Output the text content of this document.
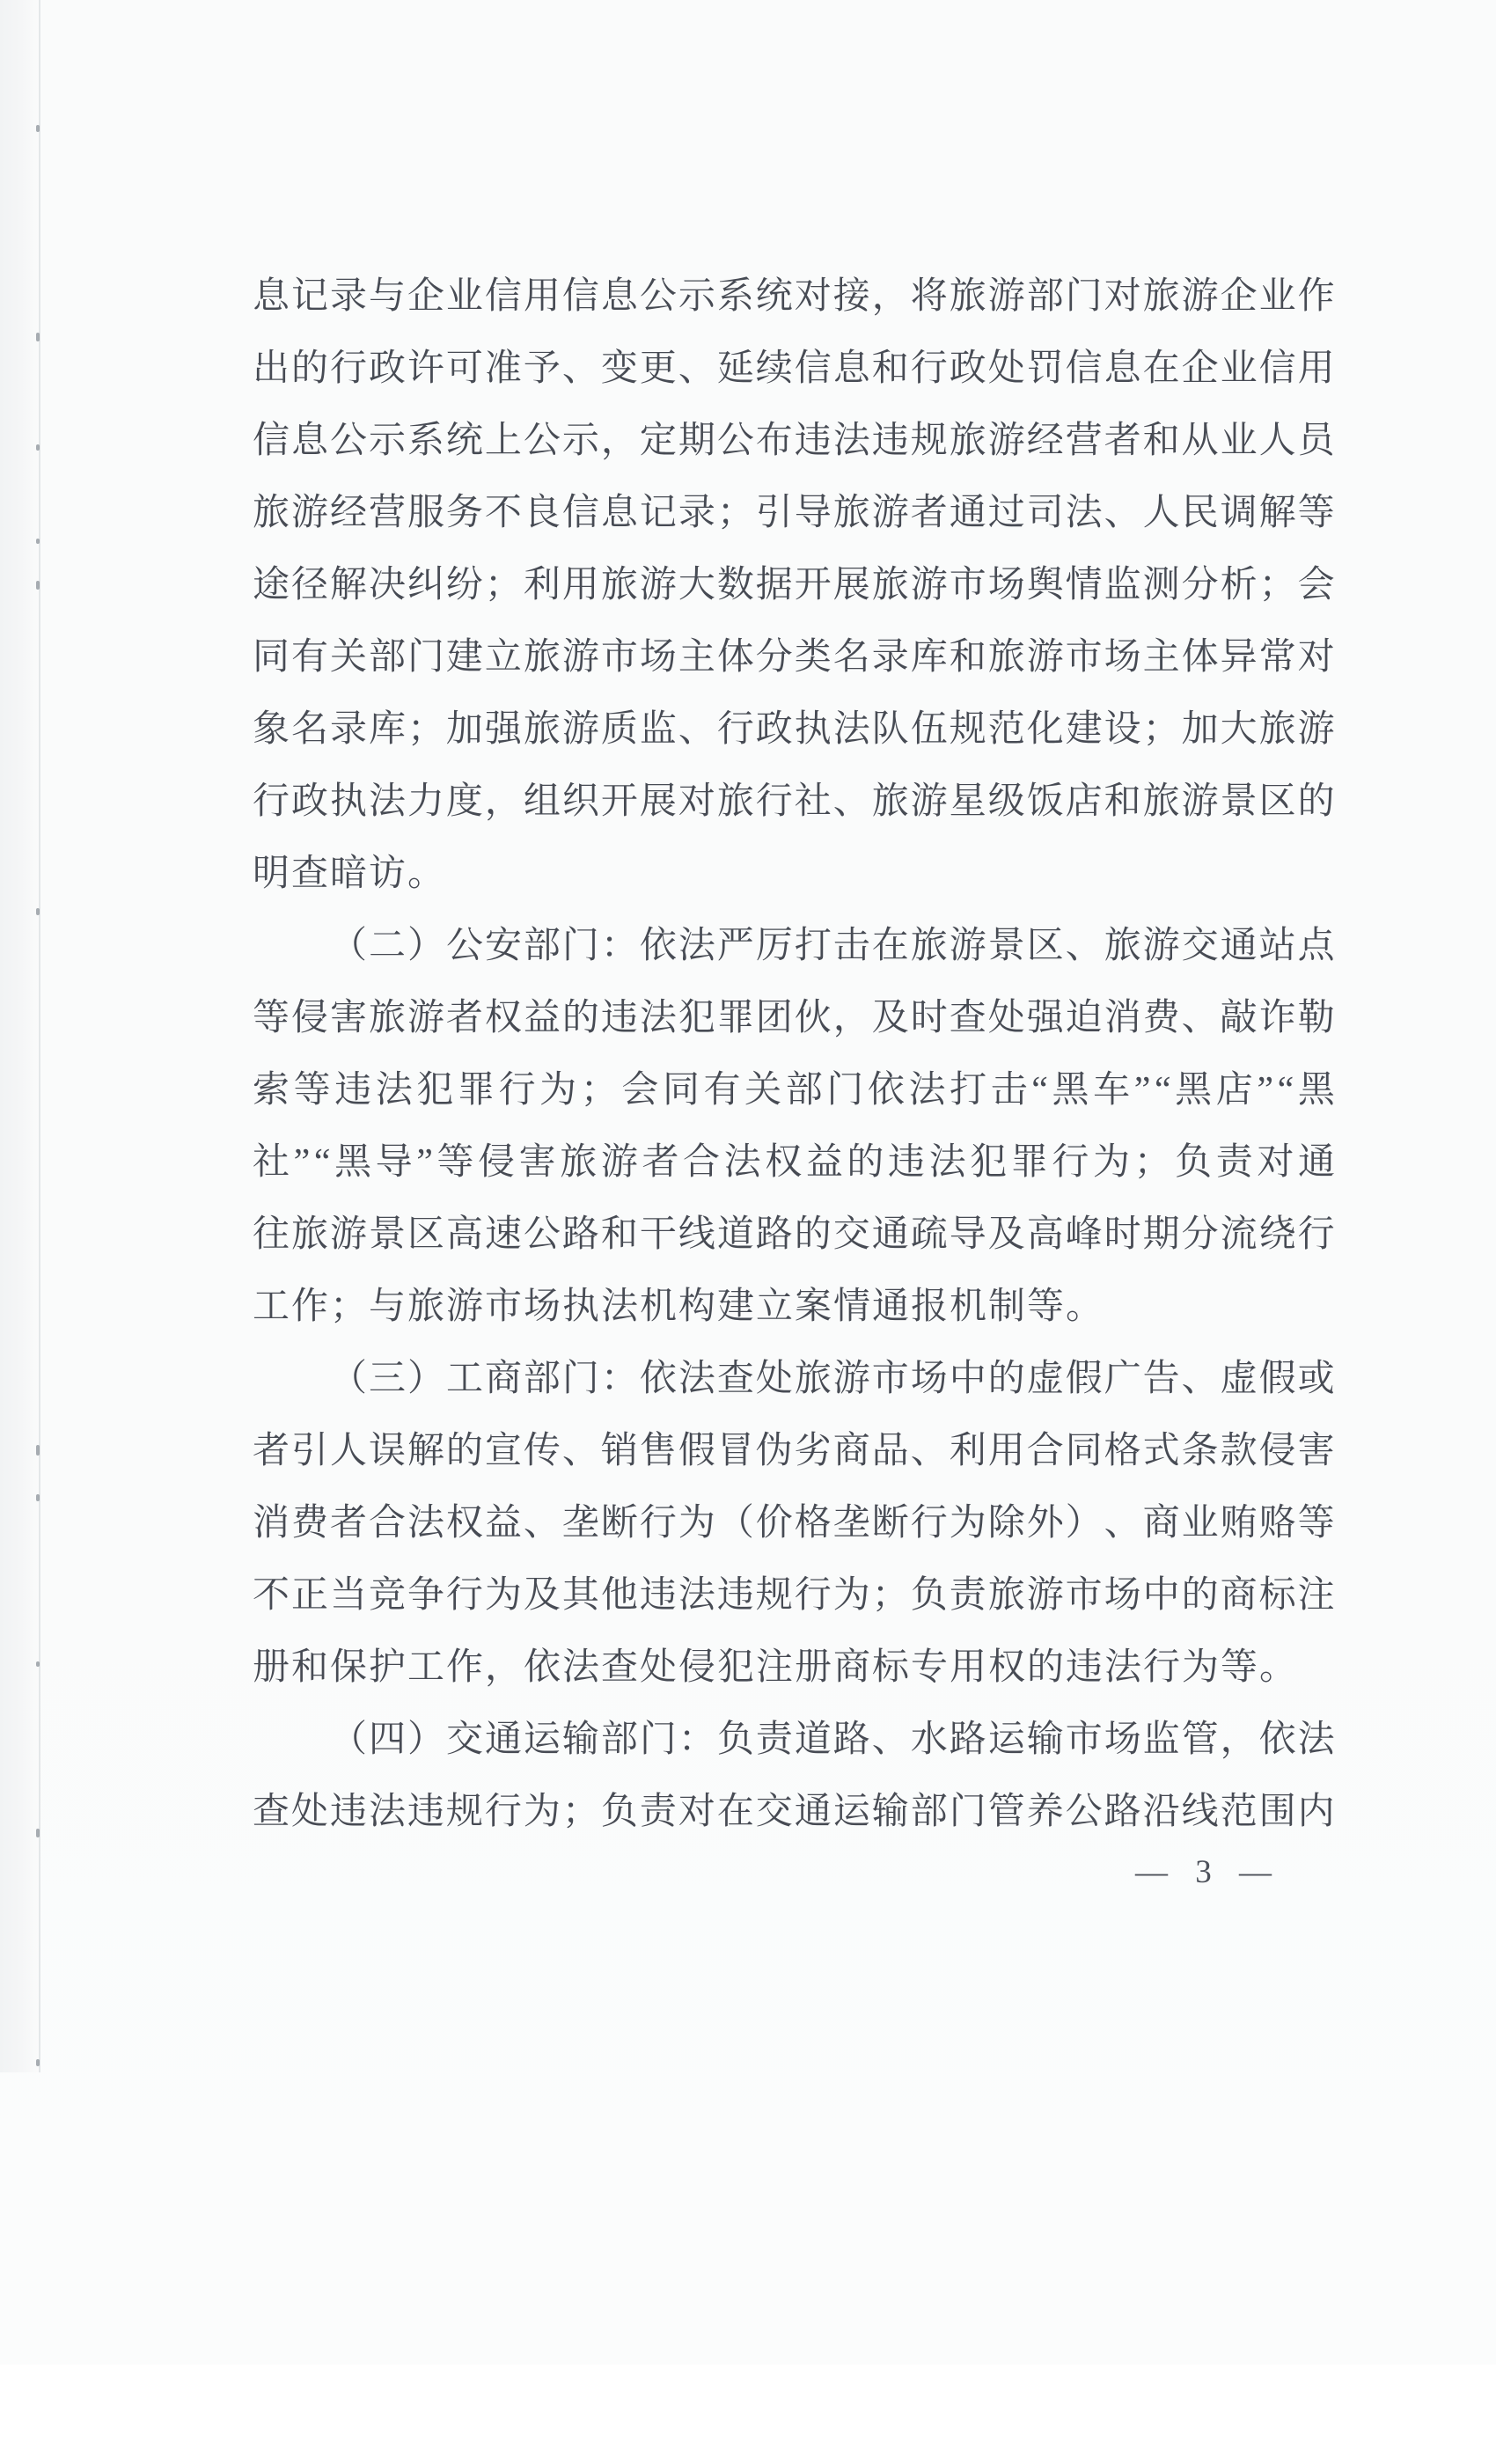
息 记 录 与 企 业 信 用 信 息 公 示 系 统 对 接 ， 将 旅 游 部 门 对 旅 游 企 业 作
出 的 行 政 许 可 准 予 、 变 更 、 延 续 信 息 和 行 政 处 罚 信 息 在 企 业 信 用
信 息 公 示 系 统 上 公 示 ， 定 期 公 布 违 法 违 规 旅 游 经 营 者 和 从 业 人 员
旅 游 经 营 服 务 不 良 信 息 记 录 ； 引 导 旅 游 者 通 过 司 法 、 人 民 调 解 等
途 径 解 决 纠 纷 ； 利 用 旅 游 大 数 据 开 展 旅 游 市 场 舆 情 监 测 分 析 ； 会
同 有 关 部 门 建 立 旅 游 市 场 主 体 分 类 名 录 库 和 旅 游 市 场 主 体 异 常 对
象 名 录 库 ； 加 强 旅 游 质 监 、 行 政 执 法 队 伍 规 范 化 建 设 ； 加 大 旅 游
行 政 执 法 力 度 ， 组 织 开 展 对 旅 行 社 、 旅 游 星 级 饭 店 和 旅 游 景 区 的
明查暗访。
（ 二 ） 公 安 部 门 ： 依 法 严 厉 打 击 在 旅 游 景 区 、 旅 游 交 通 站 点
等 侵 害 旅 游 者 权 益 的 违 法 犯 罪 团 伙 ， 及 时 查 处 强 迫 消 费 、 敲 诈 勒
索 等 违 法 犯 罪 行 为 ； 会 同 有 关 部 门 依 法 打 击 “ 黑 车 ” “ 黑 店 ” “ 黑
社 ” “ 黑 导 ” 等 侵 害 旅 游 者 合 法 权 益 的 违 法 犯 罪 行 为 ； 负 责 对 通
往 旅 游 景 区 高 速 公 路 和 干 线 道 路 的 交 通 疏 导 及 高 峰 时 期 分 流 绕 行
工作；与旅游市场执法机构建立案情通报机制等。
（ 三 ） 工 商 部 门 ： 依 法 查 处 旅 游 市 场 中 的 虚 假 广 告 、 虚 假 或
者 引 人 误 解 的 宣 传 、 销 售 假 冒 伪 劣 商 品 、 利 用 合 同 格 式 条 款 侵 害
消 费 者 合 法 权 益 、 垄 断 行 为 （ 价 格 垄 断 行 为 除 外 ） 、 商 业 贿 赂 等
不 正 当 竞 争 行 为 及 其 他 违 法 违 规 行 为 ； 负 责 旅 游 市 场 中 的 商 标 注
册和保护工作，依法查处侵犯注册商标专用权的违法行为等。
（ 四 ） 交 通 运 输 部 门 ： 负 责 道 路 、 水 路 运 输 市 场 监 管 ， 依 法
查 处 违 法 违 规 行 为 ； 负 责 对 在 交 通 运 输 部 门 管 养 公 路 沿 线 范 围 内
— 3 —
